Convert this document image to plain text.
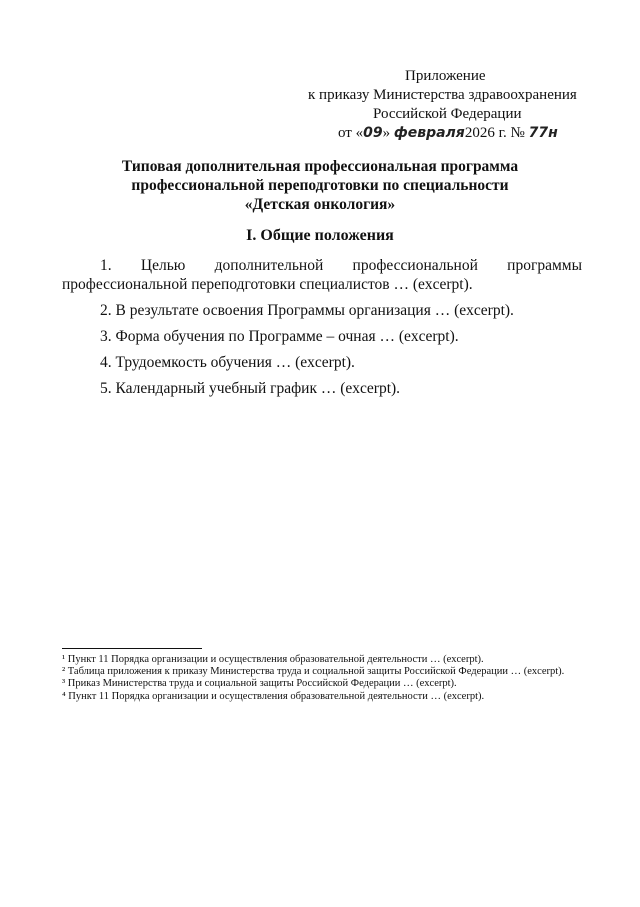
Приложение
к приказу Министерства здравоохранения
Российской Федерации
от «09» февраля2026 г. № 77н
Типовая дополнительная профессиональная программа
профессиональной переподготовки по специальности
«Детская онкология»
I. Общие положения

1. Целью дополнительной профессиональной программы профессиональной переподготовки специалистов … (excerpt).

2. В результате освоения Программы организация … (excerpt).

3. Форма обучения по Программе – очная … (excerpt).

4. Трудоемкость обучения … (excerpt).

5. Календарный учебный график … (excerpt).

¹ Пункт 11 Порядка организации и осуществления образовательной деятельности … (excerpt).

² Таблица приложения к приказу Министерства труда и социальной защиты Российской Федерации … (excerpt).

³ Приказ Министерства труда и социальной защиты Российской Федерации … (excerpt).

⁴ Пункт 11 Порядка организации и осуществления образовательной деятельности … (excerpt).
